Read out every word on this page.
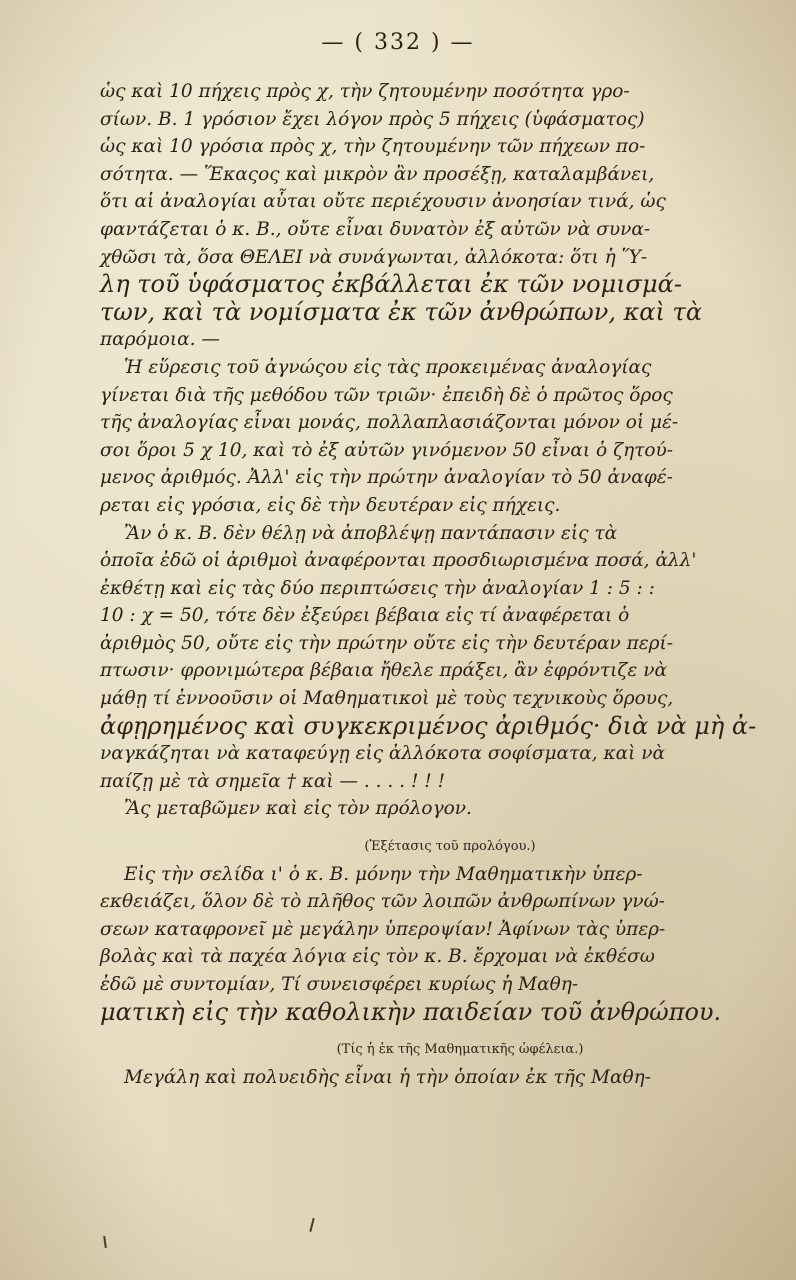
— ( 332 ) —
ὡς καὶ 10 πήχεις πρὸς χ, τὴν ζητουμένην ποσότητα γρο-
σίων. Β. 1 γρόσιον ἔχει λόγον πρὸς 5 πήχεις (ὑφάσματος)
ὡς καὶ 10 γρόσια πρὸς χ, τὴν ζητουμένην τῶν πήχεων πο-
σότητα. — Ἕκαςος καὶ μικρὸν ἂν προσέξῃ, καταλαμβάνει,
ὅτι αἱ ἀναλογίαι αὗται οὔτε περιέχουσιν ἀνοησίαν τινά, ὡς
φαντάζεται ὁ κ. Β., οὔτε εἶναι δυνατὸν ἐξ αὐτῶν νὰ συνα-
χθῶσι τὰ, ὅσα ΘΕΛΕΙ νὰ συνάγωνται, ἀλλόκοτα: ὅτι ἡ Ὕ-
λη τοῦ ὑφάσματος ἐκβάλλεται ἐκ τῶν νομισμά-
των, καὶ τὰ νομίσματα ἐκ τῶν ἀνθρώπων, καὶ τὰ
παρόμοια. —
Ἡ εὕρεσις τοῦ ἀγνώςου εἰς τὰς προκειμένας ἀναλογίας
γίνεται διὰ τῆς μεθόδου τῶν τριῶν· ἐπειδὴ δὲ ὁ πρῶτος ὅρος
τῆς ἀναλογίας εἶναι μονάς, πολλαπλασιάζονται μόνον οἱ μέ-
σοι ὅροι 5 χ 10, καὶ τὸ ἐξ αὐτῶν γινόμενον 50 εἶναι ὁ ζητού-
μενος ἀριθμός. Ἀλλ' εἰς τὴν πρώτην ἀναλογίαν τὸ 50 ἀναφέ-
ρεται εἰς γρόσια, εἰς δὲ τὴν δευτέραν εἰς πήχεις.
Ἂν ὁ κ. Β. δὲν θέλῃ νὰ ἀποβλέψῃ παντάπασιν εἰς τὰ
ὁποῖα ἐδῶ οἱ ἀριθμοὶ ἀναφέρονται προσδιωρισμένα ποσά, ἀλλ'
ἐκθέτῃ καὶ εἰς τὰς δύο περιπτώσεις τὴν ἀναλογίαν 1 : 5 : :
10 : χ = 50, τότε δὲν ἐξεύρει βέβαια εἰς τί ἀναφέρεται ὁ
ἀριθμὸς 50, οὔτε εἰς τὴν πρώτην οὔτε εἰς τὴν δευτέραν περί-
πτωσιν· φρονιμώτερα βέβαια ἤθελε πράξει, ἂν ἐφρόντιζε νὰ
μάθῃ τί ἐννοοῦσιν οἱ Μαθηματικοὶ μὲ τοὺς τεχνικοὺς ὅρους,
ἀφῃρημένος καὶ συγκεκριμένος ἀριθμός· διὰ νὰ μὴ ἀ-
ναγκάζηται νὰ καταφεύγῃ εἰς ἀλλόκοτα σοφίσματα, καὶ νὰ
παίζῃ μὲ τὰ σημεῖα † καὶ — . . . . ! ! !
Ἂς μεταβῶμεν καὶ εἰς τὸν πρόλογον.
(Ἐξέτασις τοῦ προλόγου.)
Εἰς τὴν σελίδα ι' ὁ κ. Β. μόνην τὴν Μαθηματικὴν ὑπερ-
εκθειάζει, ὅλον δὲ τὸ πλῆθος τῶν λοιπῶν ἀνθρωπίνων γνώ-
σεων καταφρονεῖ μὲ μεγάλην ὑπεροψίαν! Ἀφίνων τὰς ὑπερ-
βολὰς καὶ τὰ παχέα λόγια εἰς τὸν κ. Β. ἔρχομαι νὰ ἐκθέσω
ἐδῶ μὲ συντομίαν, Τί συνεισφέρει κυρίως ἡ Μαθη-
ματικὴ εἰς τὴν καθολικὴν παιδείαν τοῦ ἀνθρώπου.
(Τίς ἡ ἐκ τῆς Μαθηματικῆς ὠφέλεια.)
Μεγάλη καὶ πολυειδὴς εἶναι ἡ τὴν ὁποίαν ἐκ τῆς Μαθη-
